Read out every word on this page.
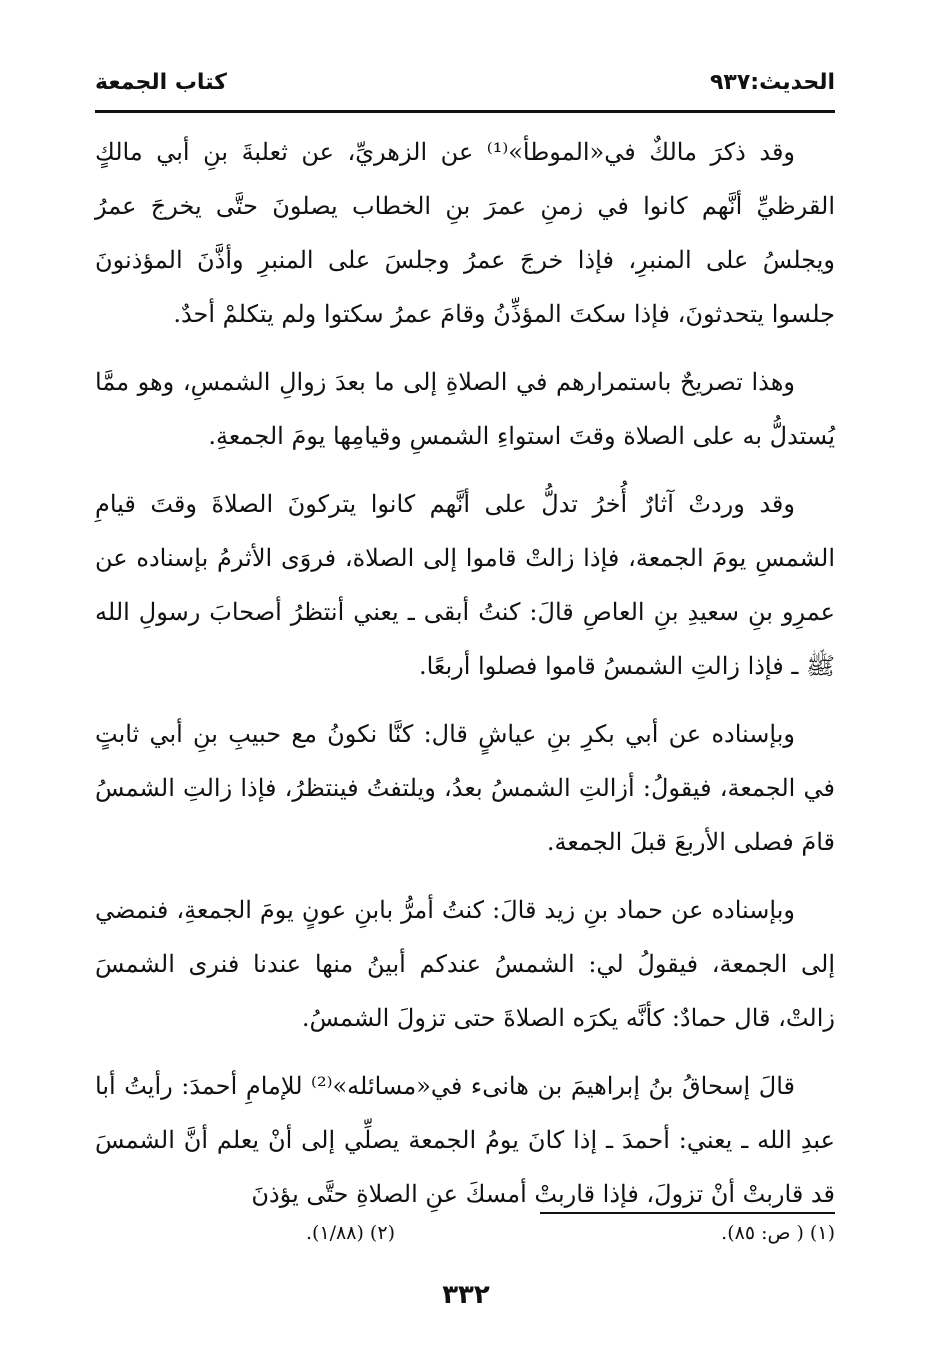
الحديث:٩٣٧
كتاب الجمعة

وقد ذكرَ مالكٌ في«الموطأ»⁽¹⁾ عن الزهريِّ، عن ثعلبةَ بنِ أبي مالكٍ القرظيِّ أنَّهم كانوا في زمنِ عمرَ بنِ الخطاب يصلونَ حتَّى يخرجَ عمرُ ويجلسُ على المنبرِ، فإذا خرجَ عمرُ وجلسَ على المنبرِ وأذَّنَ المؤذنونَ جلسوا يتحدثونَ، فإذا سكتَ المؤذِّنُ وقامَ عمرُ سكتوا ولم يتكلمْ أحدٌ.

وهذا تصريحٌ باستمرارهم في الصلاةِ إلى ما بعدَ زوالِ الشمسِ، وهو ممَّا يُستدلُّ به على الصلاة وقتَ استواءِ الشمسِ وقيامِها يومَ الجمعةِ.

وقد وردتْ آثارٌ أُخرُ تدلُّ على أنَّهم كانوا يتركونَ الصلاةَ وقتَ قيامِ الشمسِ يومَ الجمعة، فإذا زالتْ قاموا إلى الصلاة، فروَى الأثرمُ بإسناده عن عمرِو بنِ سعيدِ بنِ العاصِ قالَ: كنتُ أبقى ـ يعني أنتظرُ أصحابَ رسولِ الله ﷺ ـ فإذا زالتِ الشمسُ قاموا فصلوا أربعًا.

وبإسناده عن أبي بكرِ بنِ عياشٍ قال: كنَّا نكونُ مع حبيبِ بنِ أبي ثابتٍ في الجمعة، فيقولُ: أزالتِ الشمسُ بعدُ، ويلتفتُ فينتظرُ، فإذا زالتِ الشمسُ قامَ فصلى الأربعَ قبلَ الجمعة.

وبإسناده عن حماد بنِ زيد قالَ: كنتُ أمرُّ بابنِ عونٍ يومَ الجمعةِ، فنمضي إلى الجمعة، فيقولُ لي: الشمسُ عندكم أبينُ منها عندنا فنرى الشمسَ زالتْ، قال حمادٌ: كأنَّه يكرَه الصلاةَ حتى تزولَ الشمسُ.

قالَ إسحاقُ بنُ إبراهيمَ بن هانىء في«مسائله»⁽²⁾ للإمامِ أحمدَ: رأيتُ أبا عبدِ الله ـ يعني: أحمدَ ـ إذا كانَ يومُ الجمعة يصلِّي إلى أنْ يعلم أنَّ الشمسَ قد قاربتْ أنْ تزولَ، فإذا قاربتْ أمسكَ عنِ الصلاةِ حتَّى يؤذنَ

(١) ( ص: ٨٥).
(٢) (١/٨٨).
٣٣٢
